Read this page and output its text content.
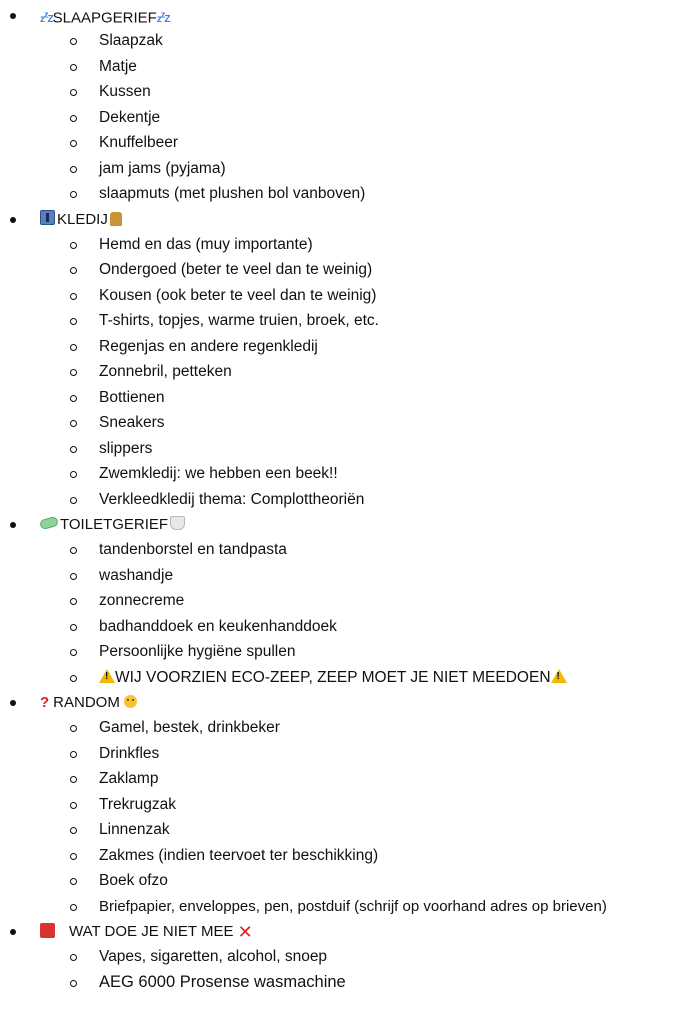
$z^zZSLAAPGERIEFz^zZ$
Slaapzak
Matje
Kussen
Dekentje
Knuffelbeer
jam jams (pyjama)
slaapmuts (met plushen bol vanboven)
KLEDIJ
Hemd en das (muy importante)
Ondergoed (beter te veel dan te weinig)
Kousen (ook beter te veel dan te weinig)
T-shirts, topjes, warme truien, broek, etc.
Regenjas en andere regenkledij
Zonnebril, petteken
Bottienen
Sneakers
slippers
Zwemkledij: we hebben een beek!!
Verkleedkledij thema: Complottheoriën
TOILETGERIEF
tandenborstel en tandpasta
washandje
zonnecreme
badhanddoek en keukenhanddoek
Persoonlijke hygiëne spullen
!WIJ VOORZIEN ECO-ZEEP, ZEEP MOET JE NIET MEEDOEN!
? RANDOM
Gamel, bestek, drinkbeker
Drinkfles
Zaklamp
Trekrugzak
Linnenzak
Zakmes (indien teervoet ter beschikking)
Boek ofzo
Briefpapier, enveloppes, pen, postduif (schrijf op voorhand adres op brieven)
WAT DOE JE NIET MEE ✕
Vapes, sigaretten, alcohol, snoep
AEG 6000 Prosense wasmachine
